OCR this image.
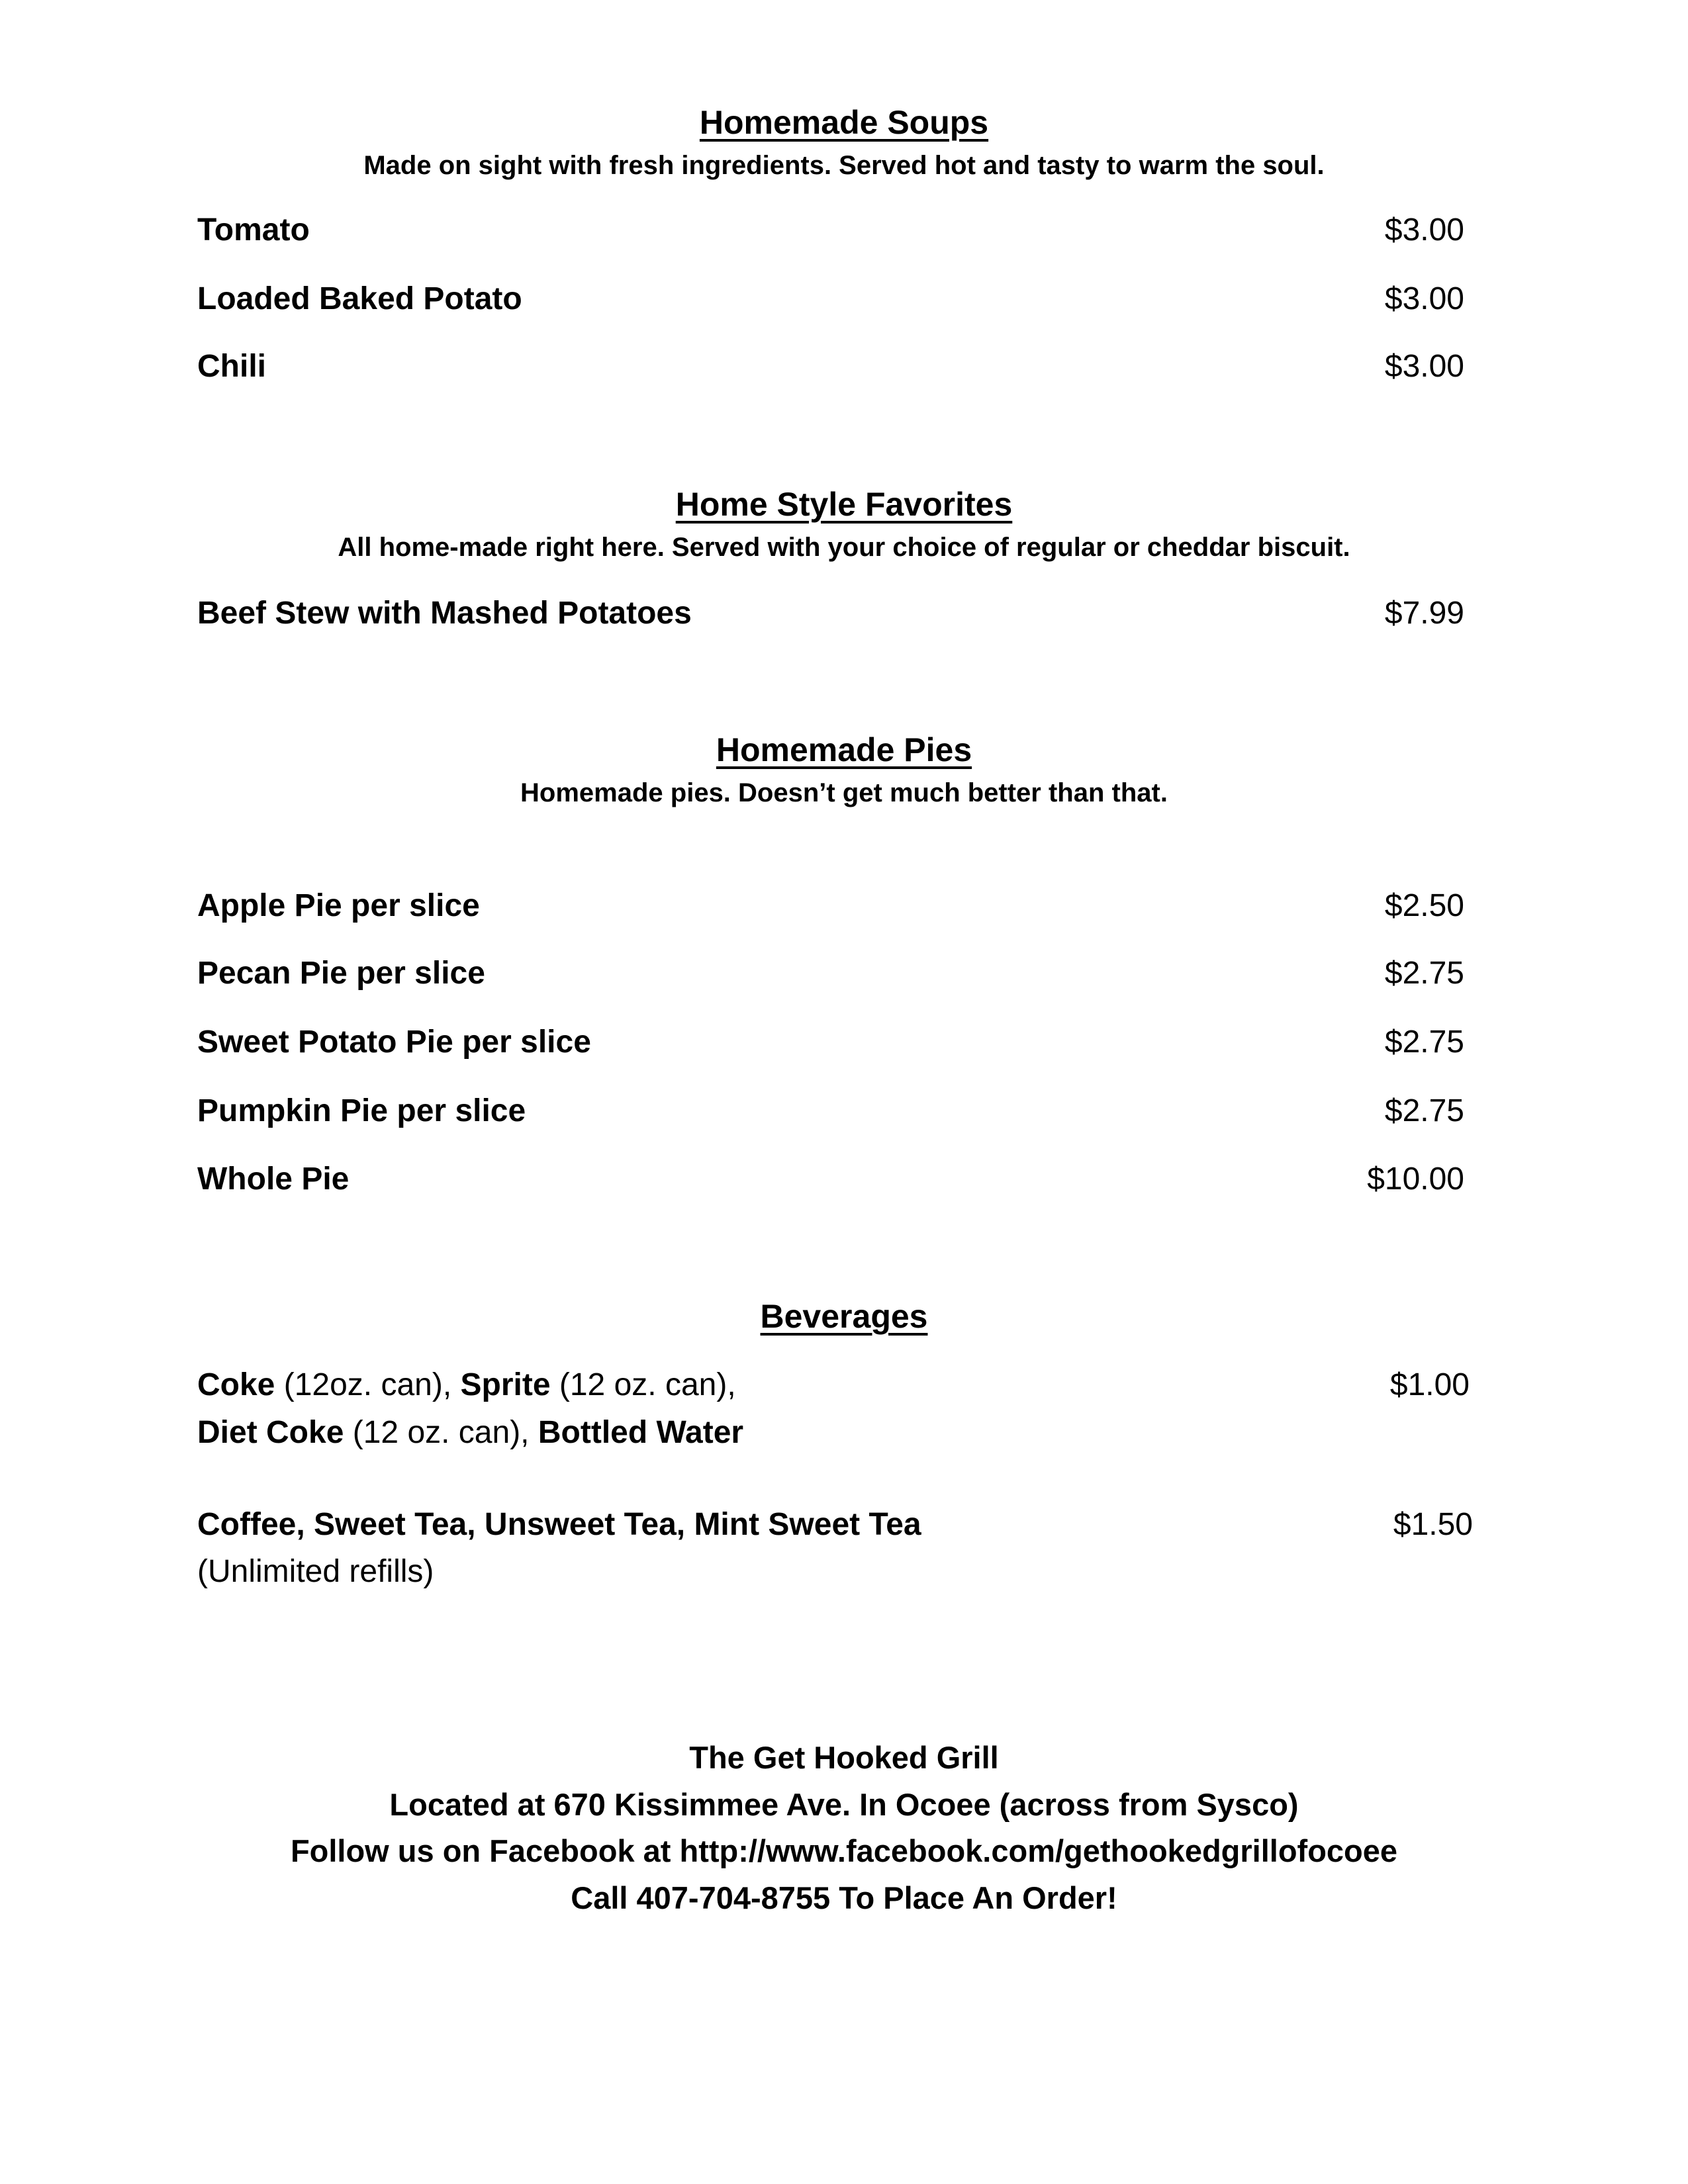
Homemade Soups
Made on sight with fresh ingredients. Served hot and tasty to warm the soul.
Tomato	$3.00
Loaded Baked Potato	$3.00
Chili	$3.00
Home Style Favorites
All home-made right here. Served with your choice of regular or cheddar biscuit.
Beef Stew with Mashed Potatoes	$7.99
Homemade Pies
Homemade pies. Doesn’t get much better than that.
Apple Pie per slice	$2.50
Pecan Pie per slice	$2.75
Sweet Potato Pie per slice	$2.75
Pumpkin Pie per slice	$2.75
Whole Pie	$10.00
Beverages
Coke (12oz. can), Sprite (12 oz. can),	$1.00
Diet Coke (12 oz. can), Bottled Water
Coffee, Sweet Tea, Unsweet Tea, Mint Sweet Tea	$1.50
(Unlimited refills)
The Get Hooked Grill
Located at 670 Kissimmee Ave. In Ocoee (across from Sysco)
Follow us on Facebook at http://www.facebook.com/gethookedgrillofocoee
Call 407-704-8755 To Place An Order!
